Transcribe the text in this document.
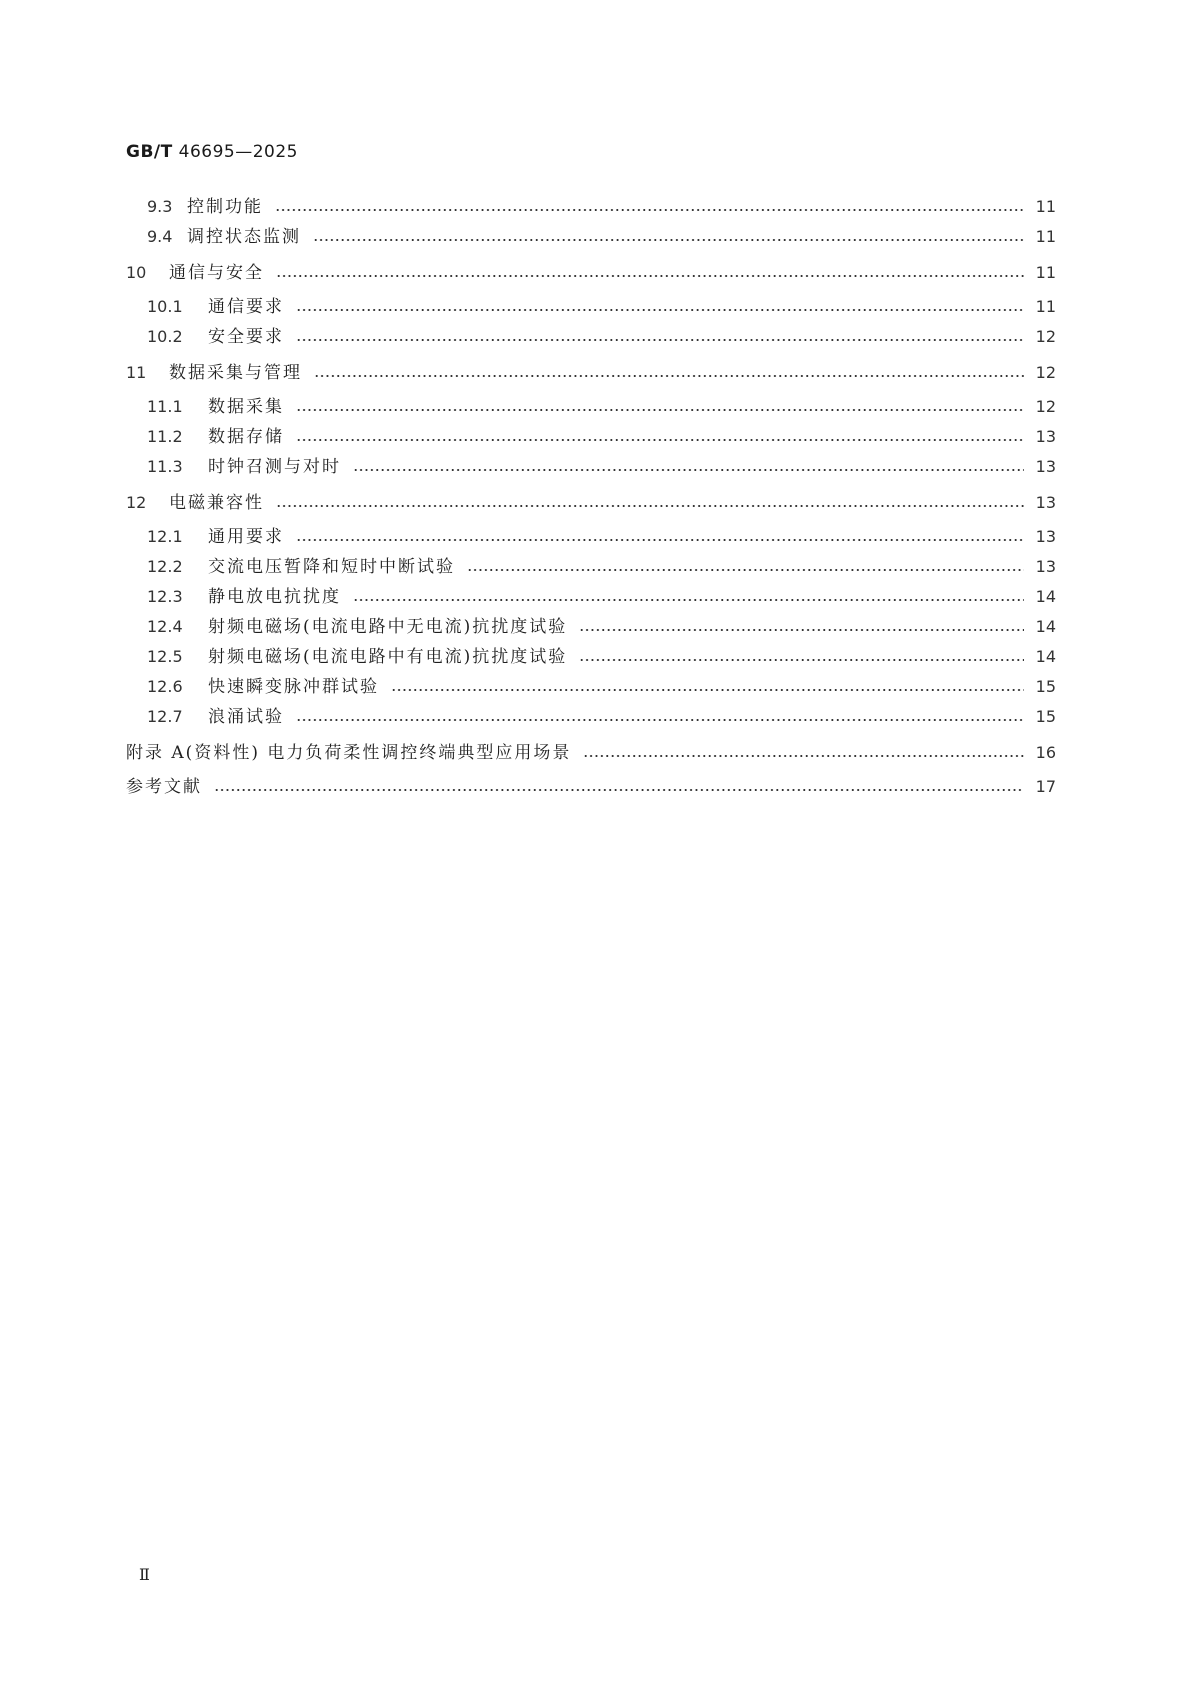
GB/T 46695—2025
9.3 控制功能	11
9.4 调控状态监测	11
10	通信与安全	11
10.1	通信要求	11
10.2	安全要求	12
11	数据采集与管理	12
11.1	数据采集	12
11.2	数据存储	13
11.3	时钟召测与对时	13
12	电磁兼容性	13
12.1	通用要求	13
12.2	交流电压暂降和短时中断试验	13
12.3	静电放电抗扰度	14
12.4	射频电磁场(电流电路中无电流)抗扰度试验	14
12.5	射频电磁场(电流电路中有电流)抗扰度试验	14
12.6	快速瞬变脉冲群试验	15
12.7	浪涌试验	15
附录 A(资料性) 电力负荷柔性调控终端典型应用场景	16
参考文献	17
Ⅱ
